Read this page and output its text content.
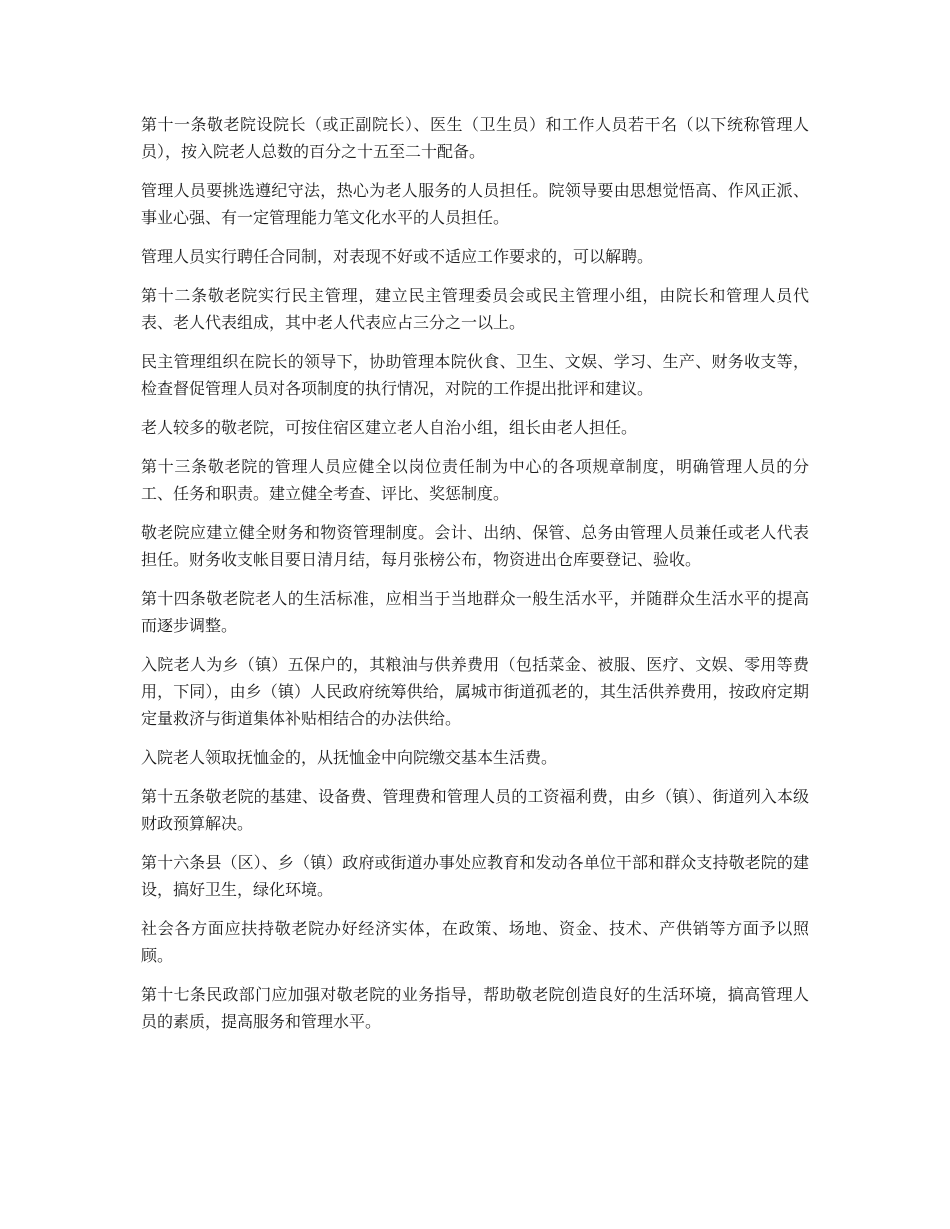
第十一条敬老院设院长（或正副院长）、医生（卫生员）和工作人员若干名（以下统称管理人员），按入院老人总数的百分之十五至二十配备。

管理人员要挑选遵纪守法，热心为老人服务的人员担任。院领导要由思想觉悟高、作风正派、事业心强、有一定管理能力笔文化水平的人员担任。

管理人员实行聘任合同制，对表现不好或不适应工作要求的，可以解聘。

第十二条敬老院实行民主管理，建立民主管理委员会或民主管理小组，由院长和管理人员代表、老人代表组成，其中老人代表应占三分之一以上。

民主管理组织在院长的领导下，协助管理本院伙食、卫生、文娱、学习、生产、财务收支等，检查督促管理人员对各项制度的执行情况，对院的工作提出批评和建议。

老人较多的敬老院，可按住宿区建立老人自治小组，组长由老人担任。

第十三条敬老院的管理人员应健全以岗位责任制为中心的各项规章制度，明确管理人员的分工、任务和职责。建立健全考查、评比、奖惩制度。

敬老院应建立健全财务和物资管理制度。会计、出纳、保管、总务由管理人员兼任或老人代表担任。财务收支帐目要日清月结，每月张榜公布，物资进出仓库要登记、验收。

第十四条敬老院老人的生活标准，应相当于当地群众一般生活水平，并随群众生活水平的提高而逐步调整。

入院老人为乡（镇）五保户的，其粮油与供养费用（包括菜金、被服、医疗、文娱、零用等费用，下同），由乡（镇）人民政府统筹供给，属城市街道孤老的，其生活供养费用，按政府定期定量救济与街道集体补贴相结合的办法供给。

入院老人领取抚恤金的，从抚恤金中向院缴交基本生活费。

第十五条敬老院的基建、设备费、管理费和管理人员的工资福利费，由乡（镇）、街道列入本级财政预算解决。

第十六条县（区）、乡（镇）政府或街道办事处应教育和发动各单位干部和群众支持敬老院的建设，搞好卫生，绿化环境。

社会各方面应扶持敬老院办好经济实体，在政策、场地、资金、技术、产供销等方面予以照顾。

第十七条民政部门应加强对敬老院的业务指导，帮助敬老院创造良好的生活环境，搞高管理人员的素质，提高服务和管理水平。
